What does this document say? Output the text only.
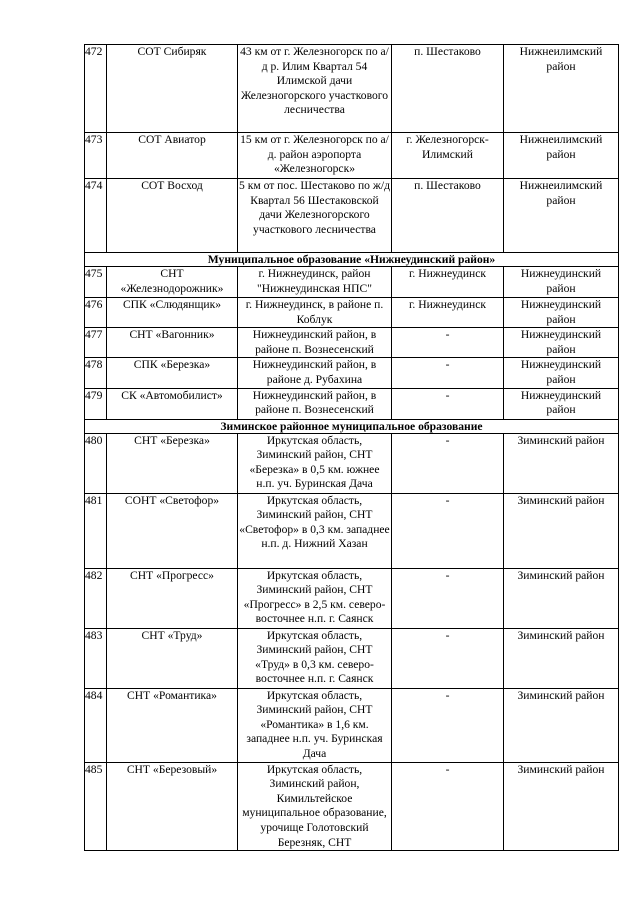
472	СОТ Сибиряк	43 км от г. Железногорск по а/д р. Илим Квартал 54 Илимской дачи Железногорского участкового лесничества	п. Шестаково	Нижнеилимский район
473	СОТ Авиатор	15 км от г. Железногорск по а/д. район аэропорта «Железногорск»	г. Железногорск-Илимский	Нижнеилимский район
474	СОТ Восход	5 км от пос. Шестаково по ж/д Квартал 56 Шестаковской дачи Железногорского участкового лесничества	п. Шестаково	Нижнеилимский район
Муниципальное образование «Нижнеудинский район»				
475	СНТ «Железнодорожник»	г. Нижнеудинск, район "Нижнеудинская НПС"	г. Нижнеудинск	Нижнеудинский район
476	СПК «Слюдянщик»	г. Нижнеудинск, в районе п. Коблук	г. Нижнеудинск	Нижнеудинский район
477	СНТ «Вагонник»	Нижнеудинский район, в районе п. Вознесенский	-	Нижнеудинский район
478	СПК «Березка»	Нижнеудинский район, в районе д. Рубахина	-	Нижнеудинский район
479	СК «Автомобилист»	Нижнеудинский район, в районе п. Вознесенский	-	Нижнеудинский район
Зиминское районное муниципальное образование				
480	СНТ «Березка»	Иркутская область, Зиминский район, СНТ «Березка» в 0,5 км. южнее н.п. уч. Буринская Дача	-	Зиминский район
481	СОНТ «Светофор»	Иркутская область, Зиминский район, СНТ «Светофор» в 0,3 км. западнее н.п. д. Нижний Хазан	-	Зиминский район
482	СНТ «Прогресс»	Иркутская область, Зиминский район, СНТ «Прогресс» в 2,5 км. северо-восточнее н.п. г. Саянск	-	Зиминский район
483	СНТ «Труд»	Иркутская область, Зиминский район, СНТ «Труд» в 0,3 км. северо-восточнее н.п. г. Саянск	-	Зиминский район
484	СНТ «Романтика»	Иркутская область, Зиминский район, СНТ «Романтика» в 1,6 км. западнее н.п. уч. Буринская Дача	-	Зиминский район
485	СНТ «Березовый»	Иркутская область, Зиминский район, Кимильтейское муниципальное образование, урочище Голотовский Березняк, СНТ	-	Зиминский район
